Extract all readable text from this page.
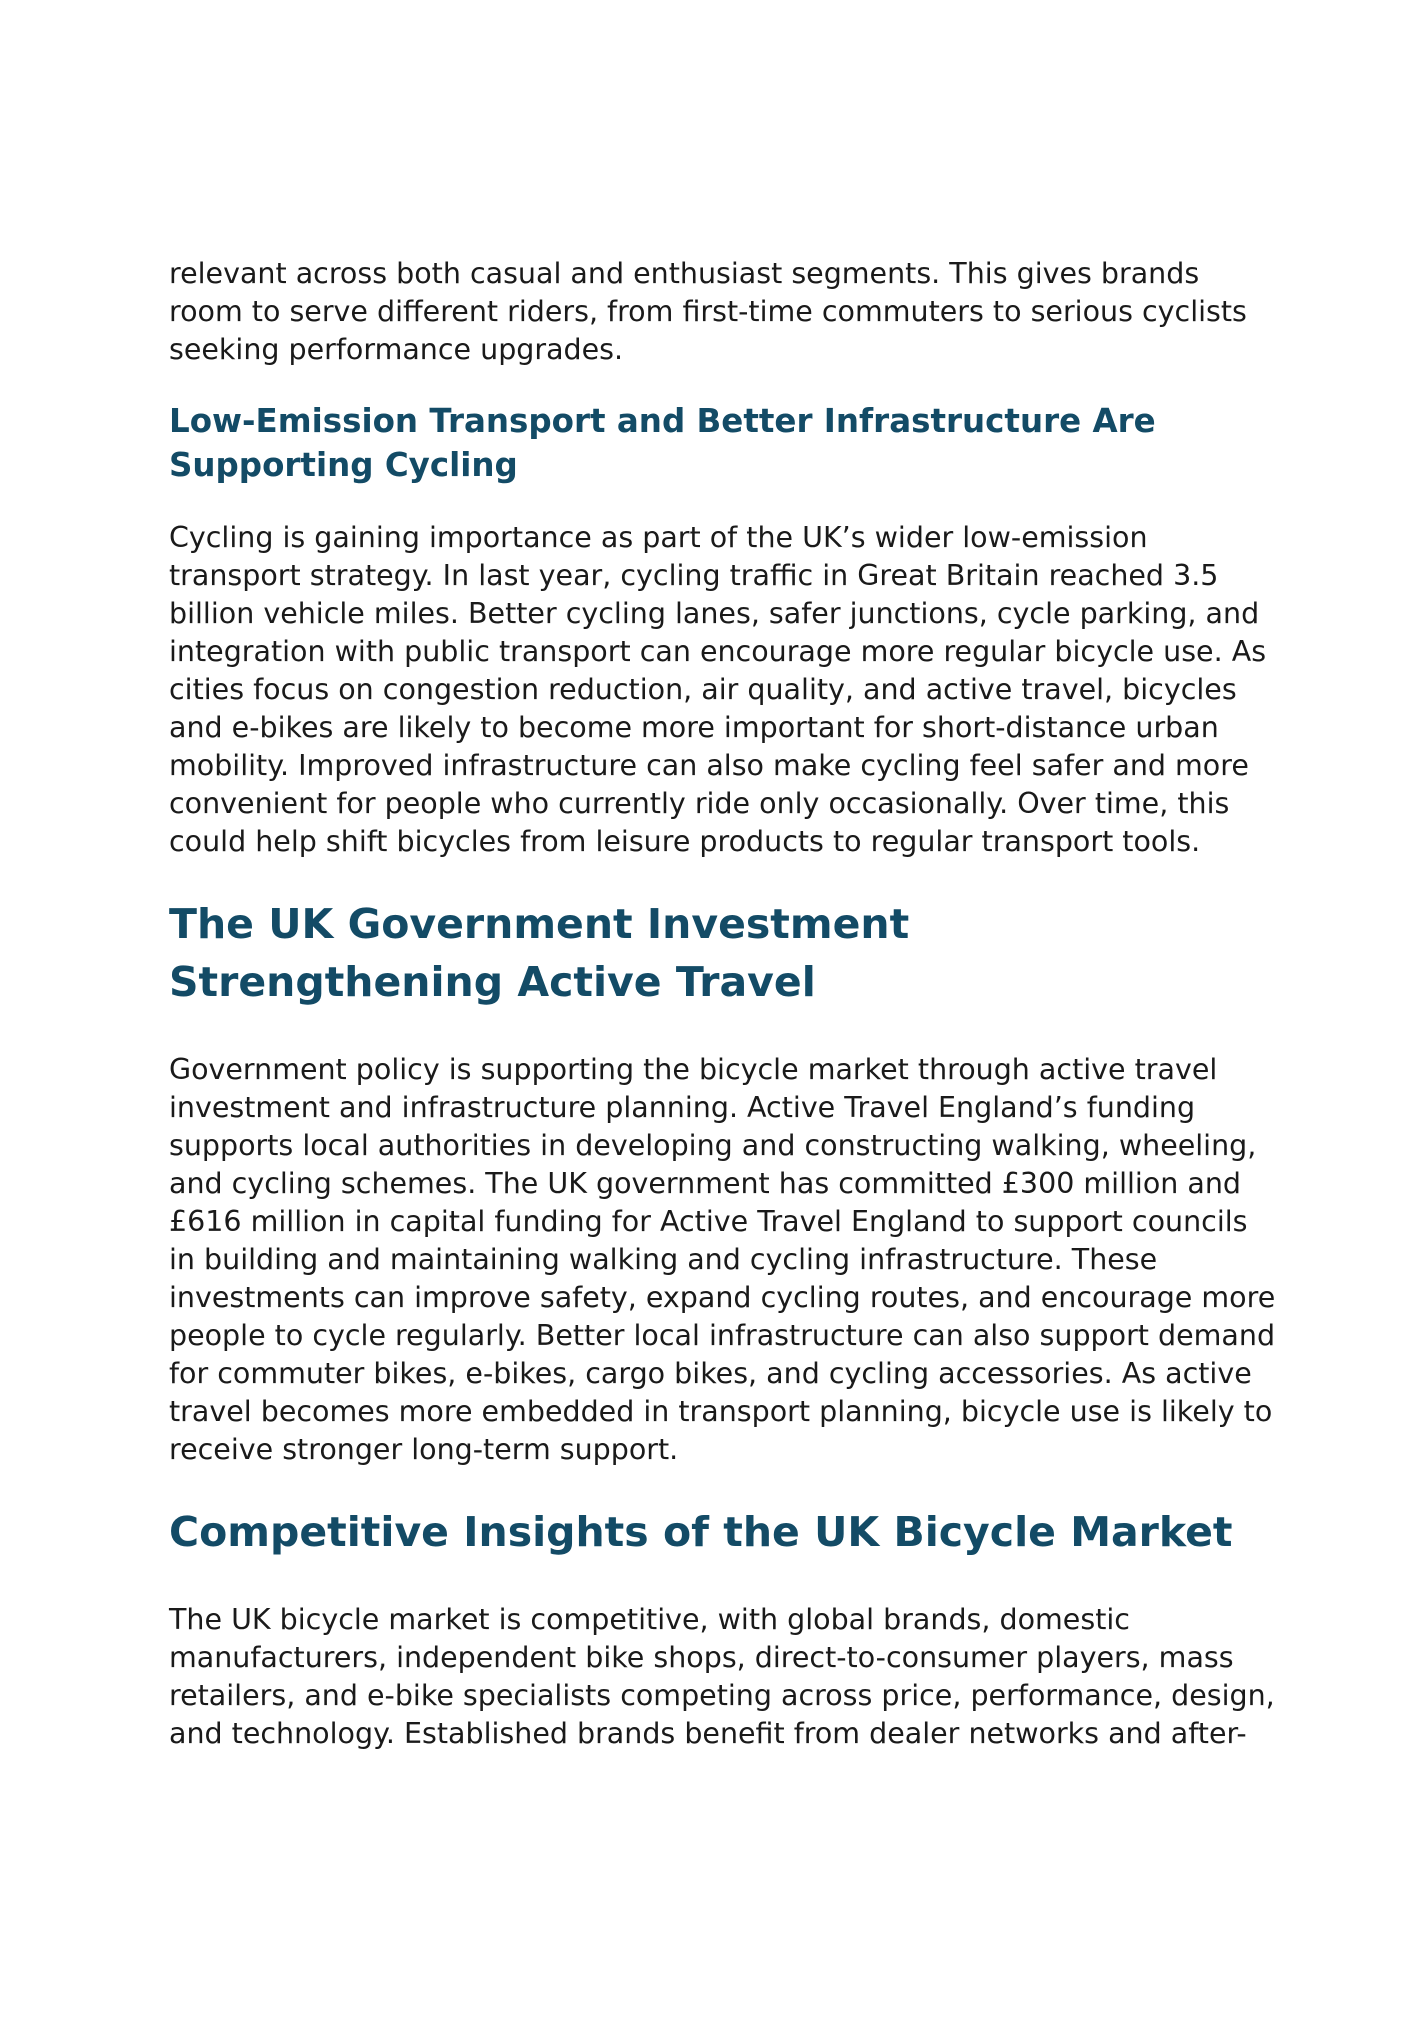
relevant across both casual and enthusiast segments. This gives brands
room to serve different riders, from first-time commuters to serious cyclists
seeking performance upgrades.

Low-Emission Transport and Better Infrastructure Are
Supporting Cycling

Cycling is gaining importance as part of the UK’s wider low-emission
transport strategy. In last year, cycling traffic in Great Britain reached 3.5
billion vehicle miles. Better cycling lanes, safer junctions, cycle parking, and
integration with public transport can encourage more regular bicycle use. As
cities focus on congestion reduction, air quality, and active travel, bicycles
and e-bikes are likely to become more important for short-distance urban
mobility. Improved infrastructure can also make cycling feel safer and more
convenient for people who currently ride only occasionally. Over time, this
could help shift bicycles from leisure products to regular transport tools.

The UK Government Investment
Strengthening Active Travel

Government policy is supporting the bicycle market through active travel
investment and infrastructure planning. Active Travel England’s funding
supports local authorities in developing and constructing walking, wheeling,
and cycling schemes. The UK government has committed £300 million and
£616 million in capital funding for Active Travel England to support councils
in building and maintaining walking and cycling infrastructure. These
investments can improve safety, expand cycling routes, and encourage more
people to cycle regularly. Better local infrastructure can also support demand
for commuter bikes, e-bikes, cargo bikes, and cycling accessories. As active
travel becomes more embedded in transport planning, bicycle use is likely to
receive stronger long-term support.

Competitive Insights of the UK Bicycle Market

The UK bicycle market is competitive, with global brands, domestic
manufacturers, independent bike shops, direct-to-consumer players, mass
retailers, and e-bike specialists competing across price, performance, design,
and technology. Established brands benefit from dealer networks and after-
